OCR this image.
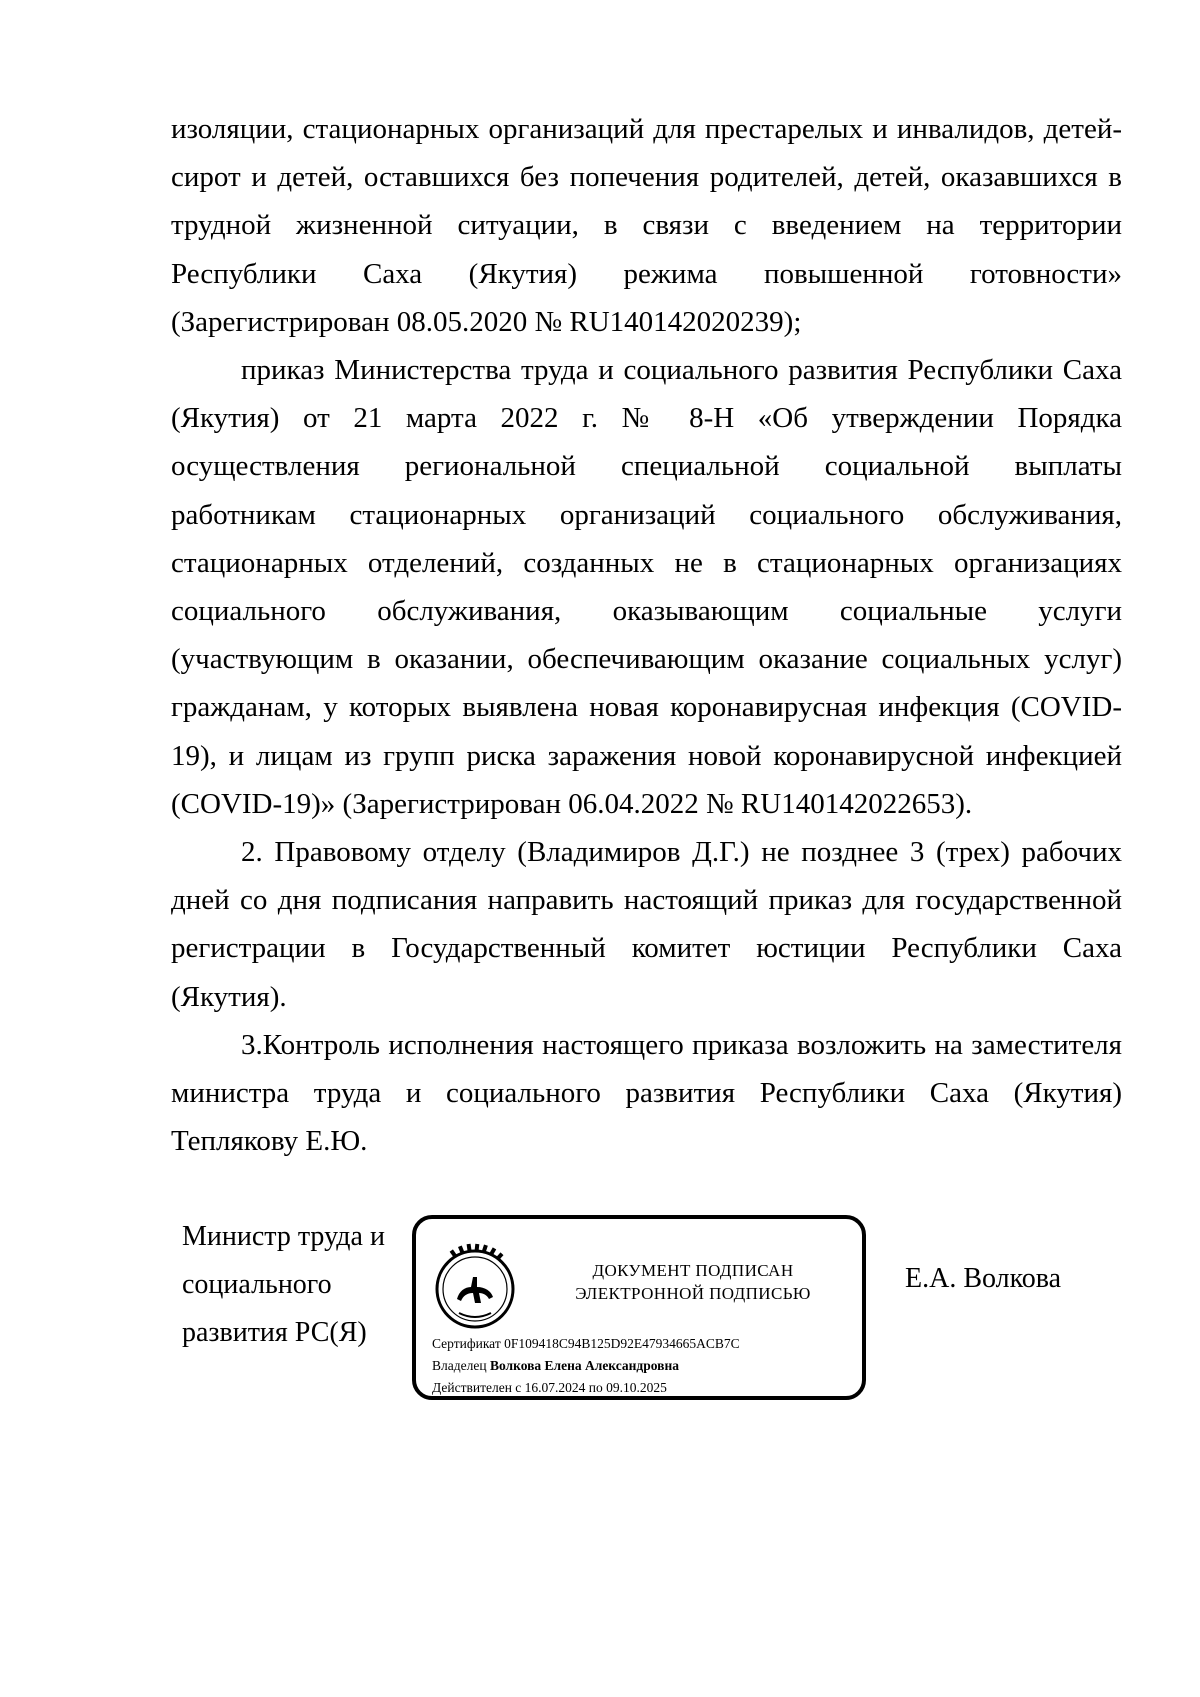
изоляции, стационарных организаций для престарелых и инвалидов, детей-сирот и детей, оставшихся без попечения родителей, детей, оказавшихся в трудной жизненной ситуации, в связи с введением на территории Республики Саха (Якутия) режима повышенной готовности» (Зарегистрирован 08.05.2020 № RU140142020239);

приказ Министерства труда и социального развития Республики Саха (Якутия) от 21 марта 2022 г. № 8-Н «Об утверждении Порядка осуществления региональной специальной социальной выплаты работникам стационарных организаций социального обслуживания, стационарных отделений, созданных не в стационарных организациях социального обслуживания, оказывающим социальные услуги (участвующим в оказании, обеспечивающим оказание социальных услуг) гражданам, у которых выявлена новая коронавирусная инфекция (COVID-19), и лицам из групп риска заражения новой коронавирусной инфекцией (COVID-19)» (Зарегистрирован 06.04.2022 № RU140142022653).

2. Правовому отделу (Владимиров Д.Г.) не позднее 3 (трех) рабочих дней со дня подписания направить настоящий приказ для государственной регистрации в Государственный комитет юстиции Республики Саха (Якутия).

3.Контроль исполнения настоящего приказа возложить на заместителя министра труда и социального развития Республики Саха (Якутия) Теплякову Е.Ю.

Министр труда и
социального
развития РС(Я)
ДОКУМЕНТ ПОДПИСАН
ЭЛЕКТРОННОЙ ПОДПИСЬЮ
Сертификат 0F109418C94B125D92E47934665ACB7C
Владелец Волкова Елена Александровна
Действителен с 16.07.2024 по 09.10.2025
Е.А. Волкова
